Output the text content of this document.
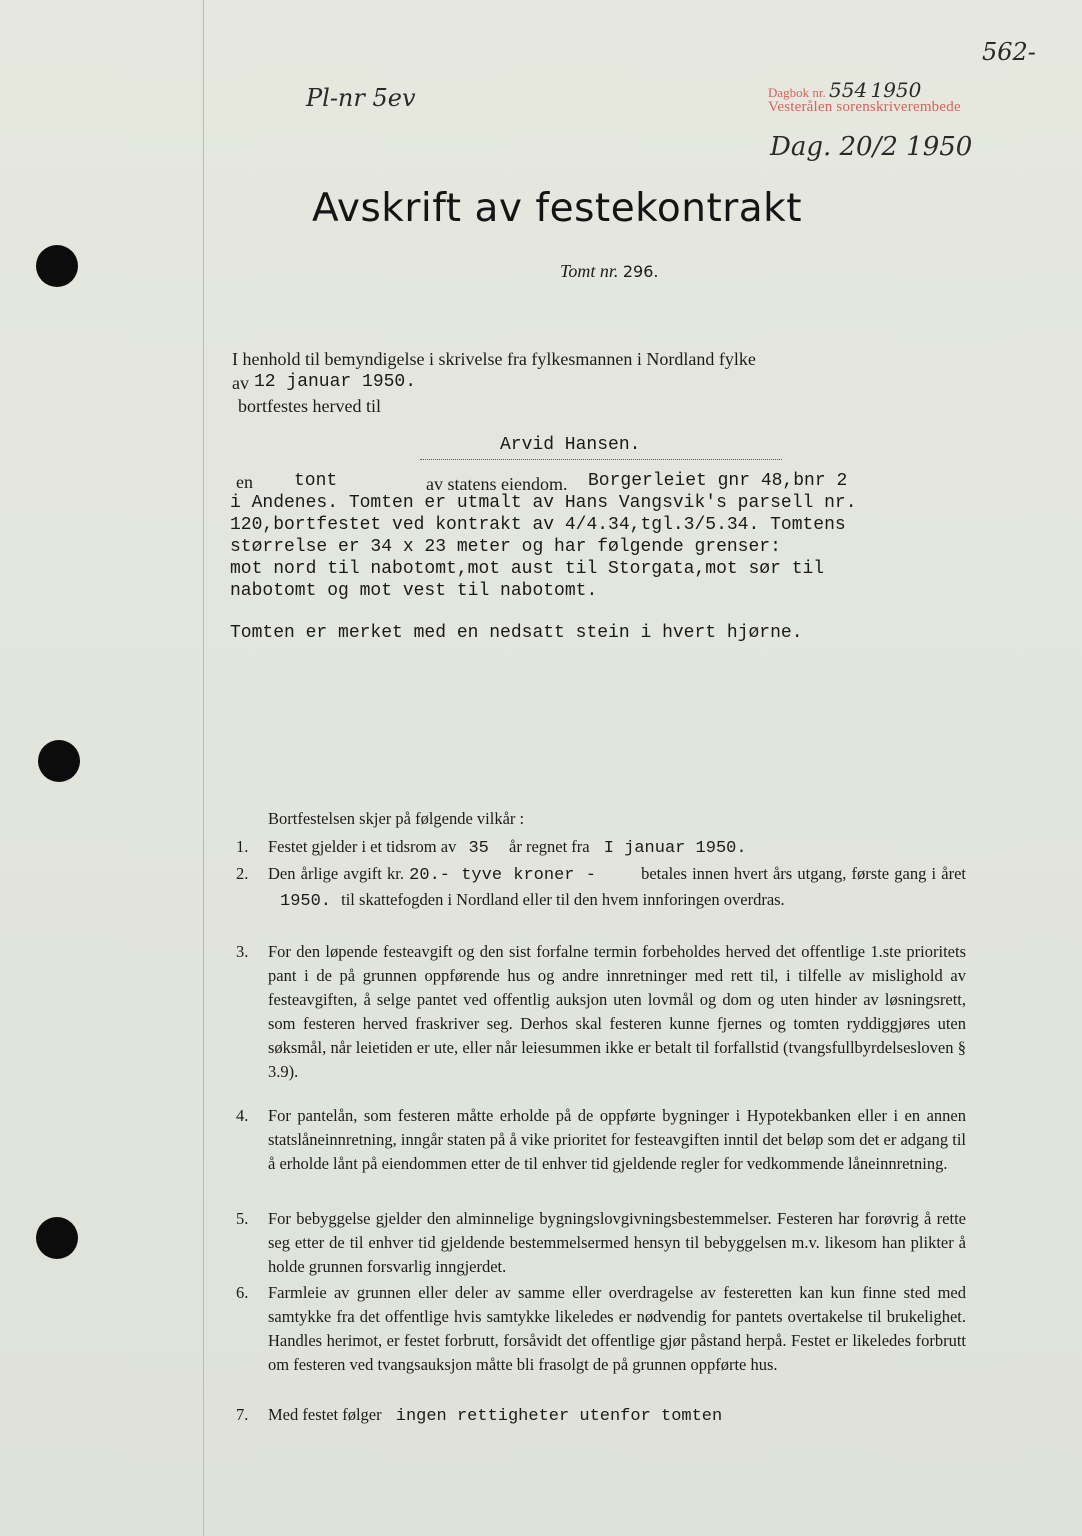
562-
Pl-nr 5ev	Dagbok nr. 554 1950
Vesterålen sorenskriverembede
Dag. 20/2 1950
Avskrift av festekontrakt
Tomt nr. 296.
I henhold til bemyndigelse i skrivelse fra fylkesmannen i Nordland fylke
av 12 januar 1950.
bortfestes herved til
Arvid Hansen.
en tont	av statens eiendom. Borgerleiet gnr 48,bnr 2
i Andenes. Tomten er utmalt av Hans Vangsvik's parsell nr.
120,bortfestet ved kontrakt av 4/4.34,tgl.3/5.34. Tomtens
størrelse er 34 x 23 meter og har følgende grenser:
mot nord til nabotomt,mot aust til Storgata,mot sør til
nabotomt og mot vest til nabotomt.
Tomten er merket med en nedsatt stein i hvert hjørne.
Bortfestelsen skjer på følgende vilkår :
1. Festet gjelder i et tidsrom av 35 år regnet fra I januar 1950.
2. Den årlige avgift kr. 20.- tyve kroner -	betales innen hvert års utgang, første gang i året 1950. til skattefogden i Nordland eller til den hvem innforingen overdras.
3. For den løpende festeavgift og den sist forfalne termin forbeholdes herved det offentlige 1.ste prioritets pant i de på grunnen oppførende hus og andre innretninger med rett til, i tilfelle av mislighold av festeavgiften, å selge pantet ved offentlig auksjon uten lovmål og dom og uten hinder av løsningsrett, som festeren herved fraskriver seg. Derhos skal festeren kunne fjernes og tomten ryddiggjøres uten søksmål, når leietiden er ute, eller når leiesummen ikke er betalt til forfallstid (tvangsfullbyrdelsesloven § 3.9).
4. For pantelån, som festeren måtte erholde på de oppførte bygninger i Hypotekbanken eller i en annen statslåneinnretning, inngår staten på å vike prioritet for festeavgiften inntil det beløp som det er adgang til å erholde lånt på eiendommen etter de til enhver tid gjeldende regler for vedkommende låneinnretning.
5. For bebyggelse gjelder den alminnelige bygningslovgivningsbestemmelser. Festeren har forøvrig å rette seg etter de til enhver tid gjeldende bestemmelsermed hensyn til bebyggelsen m.v. likesom han plikter å holde grunnen forsvarlig inngjerdet.
6. Farmleie av grunnen eller deler av samme eller overdragelse av festeretten kan kun finne sted med samtykke fra det offentlige hvis samtykke likeledes er nødvendig for pantets overtakelse til brukelighet. Handles herimot, er festet forbrutt, forsåvidt det offentlige gjør påstand herpå. Festet er likeledes forbrutt om festeren ved tvangsauksjon måtte bli frasolgt de på grunnen oppførte hus.
7. Med festet følger ingen rettigheter utenfor tomten
